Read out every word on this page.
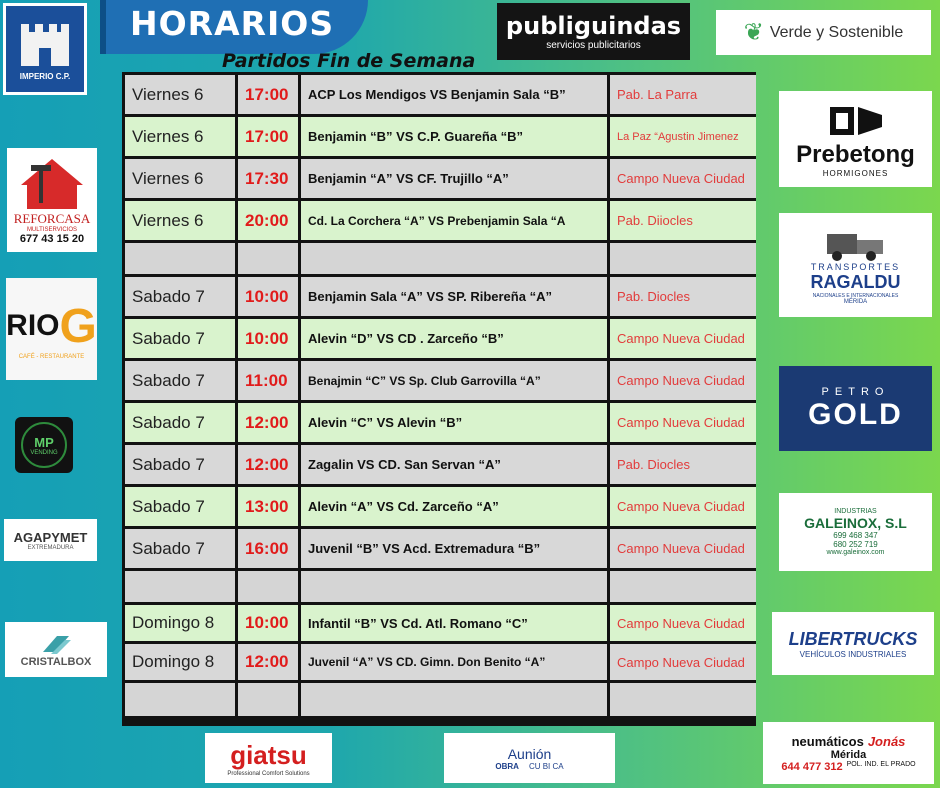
HORARIOS
Partidos Fin de Semana
Viernes 6	17:00	ACP Los Mendigos VS Benjamin Sala “B”	Pab. La Parra
Viernes 6	17:00	Benjamin “B” VS C.P. Guareña “B”	La Paz “Agustin Jimenez
Viernes 6	17:30	Benjamin “A” VS CF. Trujillo “A”	Campo Nueva Ciudad
Viernes 6	20:00	Cd. La Corchera “A” VS Prebenjamin Sala “A	Pab. Diiocles
Sabado 7	10:00	Benjamin Sala “A” VS SP. Ribereña “A”	Pab. Diocles
Sabado 7	10:00	Alevin “D” VS CD . Zarceño “B”	Campo Nueva Ciudad
Sabado 7	11:00	Benajmin “C” VS Sp. Club Garrovilla “A”	Campo Nueva Ciudad
Sabado 7	12:00	Alevin “C” VS Alevin “B”	Campo Nueva Ciudad
Sabado 7	12:00	Zagalin VS CD. San Servan “A”	Pab. Diocles
Sabado 7	13:00	Alevin “A” VS Cd. Zarceño “A”	Campo Nueva Ciudad
Sabado 7	16:00	Juvenil “B” VS Acd. Extremadura “B”	Campo Nueva Ciudad
Domingo 8	10:00	Infantil “B” VS Cd. Atl. Romano “C”	Campo Nueva Ciudad
Domingo 8	12:00	Juvenil “A” VS CD. Gimn. Don Benito “A”	Campo Nueva Ciudad
IMPERIO C.P.
publiguindas
servicios publicitarios	❦ Verde y Sostenible
REFORCASA
MULTISERVICIOS
677 43 15 20
Prebetong
HORMIGONES
RIO G
CAFÉ - RESTAURANTE
TRANSPORTES
RAGALDU
NACIONALES E INTERNACIONALES
MÉRIDA
MP
VENDING
PETRO
GOLD
AGAPYMET
EXTREMADURA
INDUSTRIAS
GALEINOX, S.L
699 468 347
680 252 719
www.galeinox.com
CRISTALBOX
LIBERTRUCKS
VEHÍCULOS INDUSTRIALES
giatsu
Professional Comfort Solutions
Aunión
OBRA CU BI CA
neumáticos Jonás
Mérida
644 477 312 POL. IND. EL PRADO
